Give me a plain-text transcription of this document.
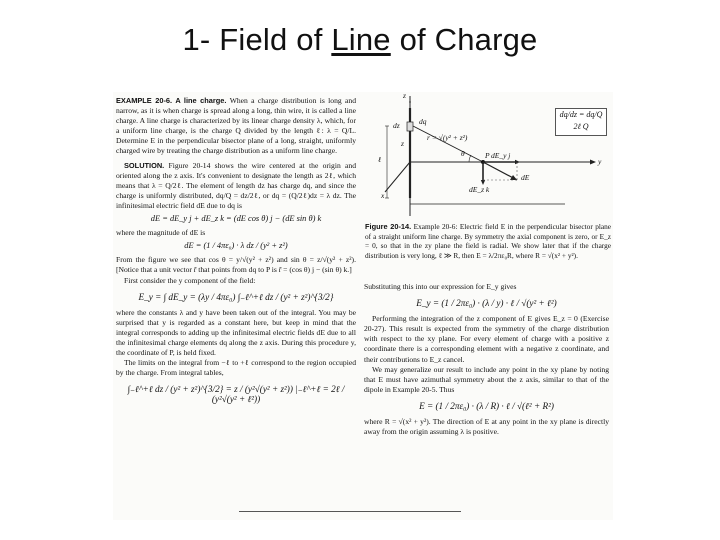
1- Field of Line of Charge

EXAMPLE 20-6. A line charge. When a charge distribution is long and narrow, as it is when charge is spread along a long, thin wire, it is called a line charge. A line charge is characterized by its linear charge density λ, which, for a uniform line charge, is the charge Q divided by the length ℓ: λ = Q/L. Determine E in the perpendicular bisector plane of a long, straight, uniformly charged wire by treating the charge distribution as a uniform line charge.

SOLUTION. Figure 20-14 shows the wire centered at the origin and oriented along the z axis. It's convenient to designate the length as 2ℓ, which means that λ = Q/2ℓ. The element of length dz has charge dq, and since the charge is uniformly distributed, dq/Q = dz/2ℓ, or dq = (Q/2ℓ)dz = λ dz. The infinitesimal electric field dE due to dq is

dE = dE_y j + dE_z k = (dE cos θ) j − (dE sin θ) k

where the magnitude of dE is

dE = (1 / 4πε₀) · λ dz / (y² + z²)

From the figure we see that cos θ = y/√(y² + z²) and sin θ = z/√(y² + z²). [Notice that a unit vector r̂ that points from dq to P is r̂ = (cos θ) j − (sin θ) k.]

First consider the y component of the field:

E_y = ∫ dE_y = (λy / 4πε₀) ∫₋ℓ^+ℓ dz / (y² + z²)^{3/2}

where the constants λ and y have been taken out of the integral. You may be surprised that y is regarded as a constant here, but keep in mind that the integral corresponds to adding up the infinitesimal electric fields dE due to all the infinitesimal charge elements dq along the z axis. During this procedure y, the coordinate of P, is held fixed.

The limits on the integral from −ℓ to +ℓ correspond to the region occupied by the charge. From integral tables,

∫₋ℓ^+ℓ dz / (y² + z²)^{3/2} = z / (y²√(y² + z²)) |₋ℓ^+ℓ = 2ℓ / (y²√(y² + ℓ²))
z
y
x
P
dq
r = √(y² + z²)
dE_y j
dE
dE_z k
θ
dz
z
ℓ
dq/dz = dq/Q
2ℓ Q
Figure 20-14. Example 20-6: Electric field E in the perpendicular bisector plane of a straight uniform line charge. By symmetry the axial component is zero, or E_z = 0, so that in the zy plane the field is radial. We show later that if the charge distribution is very long, ℓ ≫ R, then E = λ/2πε₀R, where R = √(x² + y²).

Substituting this into our expression for E_y gives

E_y = (1 / 2πε₀) · (λ / y) · ℓ / √(y² + ℓ²)

Performing the integration of the z component of E gives E_z = 0 (Exercise 20-27). This result is expected from the symmetry of the charge distribution with respect to the xy plane. For every element of charge with a positive z coordinate there is a corresponding element with a negative z coordinate, and their contributions to E_z cancel.

We may generalize our result to include any point in the xy plane by noting that E must have azimuthal symmetry about the z axis, similar to that of the dipole in Example 20-5. Thus

E = (1 / 2πε₀) · (λ / R) · ℓ / √(ℓ² + R²)

where R = √(x² + y²). The direction of E at any point in the xy plane is directly away from the origin assuming λ is positive.
